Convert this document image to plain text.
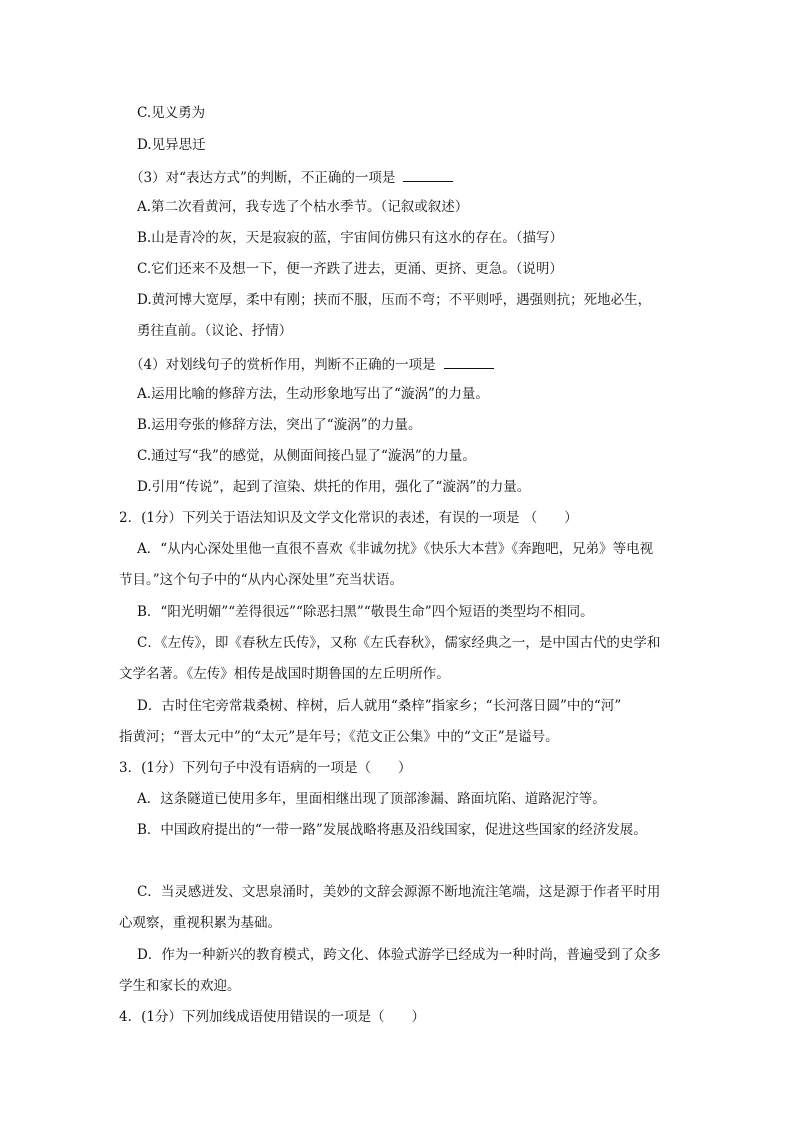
C.见义勇为
D.见异思迁
（3）对“表达方式”的判断，不正确的一项是
A.第二次看黄河，我专选了个枯水季节。（记叙或叙述）
B.山是青冷的灰，天是寂寂的蓝，宇宙间仿佛只有这水的存在。（描写）
C.它们还来不及想一下，便一齐跌了进去，更涌、更挤、更急。（说明）
D.黄河博大宽厚，柔中有刚；挟而不服，压而不弯；不平则呼，遇强则抗；死地必生，
勇往直前。（议论、抒情）
（4）对划线句子的赏析作用，判断不正确的一项是
A.运用比喻的修辞方法，生动形象地写出了“漩涡”的力量。
B.运用夸张的修辞方法，突出了“漩涡”的力量。
C.通过写“我”的感觉，从侧面间接凸显了“漩涡”的力量。
D.引用“传说”，起到了渲染、烘托的作用，强化了“漩涡”的力量。
2．(1分）下列关于语法知识及文学文化常识的表述，有误的一项是 （　　）
A．“从内心深处里他一直很不喜欢《非诚勿扰》《快乐大本营》《奔跑吧，兄弟》等电视
节目。”这个句子中的“从内心深处里”充当状语。
B．“阳光明媚”“差得很远”“除恶扫黑”“敬畏生命”四个短语的类型均不相同。
C．《左传》，即《春秋左氏传》，又称《左氏春秋》，儒家经典之一，是中国古代的史学和
文学名著。《左传》相传是战国时期鲁国的左丘明所作。
D．古时住宅旁常栽桑树、梓树，后人就用“桑梓”指家乡；“长河落日圆”中的“河”
指黄河；“晋太元中”的“太元”是年号；《范文正公集》中的“文正”是谥号。
3．(1分）下列句子中没有语病的一项是（　　）
A．这条隧道已使用多年，里面相继出现了顶部渗漏、路面坑陷、道路泥泞等。
B．中国政府提出的“一带一路”发展战略将惠及沿线国家，促进这些国家的经济发展。
C．当灵感迸发、文思泉涌时，美妙的文辞会源源不断地流注笔端，这是源于作者平时用
心观察，重视积累为基础。
D．作为一种新兴的教育模式，跨文化、体验式游学已经成为一种时尚，普遍受到了众多
学生和家长的欢迎。
4．(1分）下列加线成语使用错误的一项是（　　）
